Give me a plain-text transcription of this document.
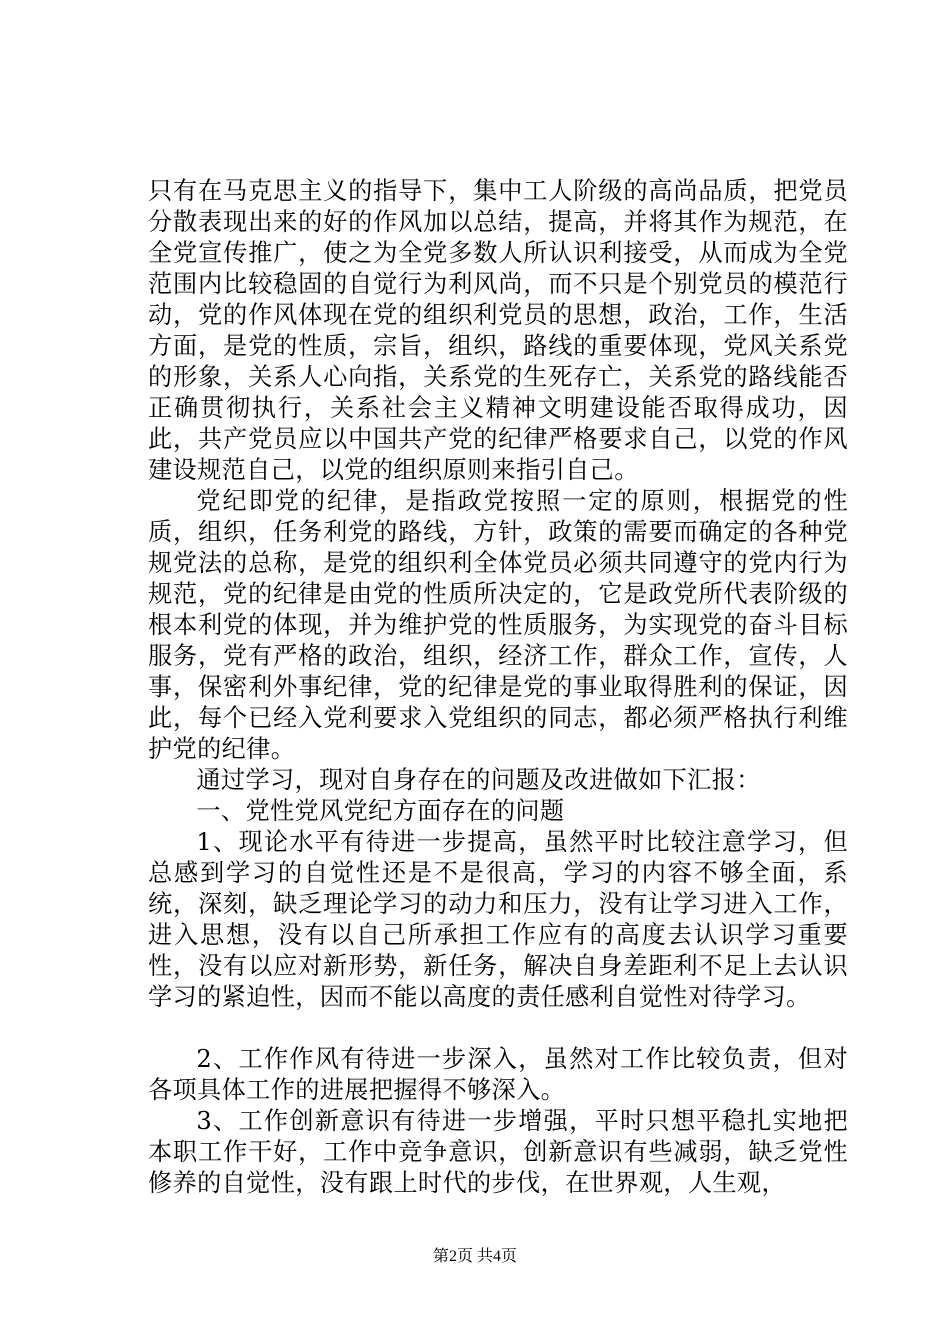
只有在马克思主义的指导下，集中工人阶级的高尚品质，把党员分散表现出来的好的作风加以总结，提高，并将其作为规范，在全党宣传推广，使之为全党多数人所认识利接受，从而成为全党范围内比较稳固的自觉行为利风尚，而不只是个别党员的模范行动，党的作风体现在党的组织利党员的思想，政治，工作，生活方面，是党的性质，宗旨，组织，路线的重要体现，党风关系党的形象，关系人心向指，关系党的生死存亡，关系党的路线能否正确贯彻执行，关系社会主义精神文明建设能否取得成功，因此，共产党员应以中国共产党的纪律严格要求自己，以党的作风建设规范自己，以党的组织原则来指引自己。

党纪即党的纪律，是指政党按照一定的原则，根据党的性质，组织，任务利党的路线，方针，政策的需要而确定的各种党规党法的总称，是党的组织利全体党员必须共同遵守的党内行为规范，党的纪律是由党的性质所决定的，它是政党所代表阶级的根本利党的体现，并为维护党的性质服务，为实现党的奋斗目标服务，党有严格的政治，组织，经济工作，群众工作，宣传，人事，保密利外事纪律，党的纪律是党的事业取得胜利的保证，因此，每个已经入党利要求入党组织的同志，都必须严格执行利维护党的纪律。

通过学习，现对自身存在的问题及改进做如下汇报：

一、党性党风党纪方面存在的问题

1、现论水平有待进一步提高，虽然平时比较注意学习，但总感到学习的自觉性还是不是很高，学习的内容不够全面，系统，深刻，缺乏理论学习的动力和压力，没有让学习进入工作，进入思想，没有以自己所承担工作应有的高度去认识学习重要性，没有以应对新形势，新任务，解决自身差距利不足上去认识学习的紧迫性，因而不能以高度的责任感利自觉性对待学习。

2、工作作风有待进一步深入，虽然对工作比较负责，但对各项具体工作的进展把握得不够深入。

3、工作创新意识有待进一步增强，平时只想平稳扎实地把本职工作干好，工作中竞争意识，创新意识有些减弱，缺乏党性修养的自觉性，没有跟上时代的步伐，在世界观，人生观，

第2页 共4页
